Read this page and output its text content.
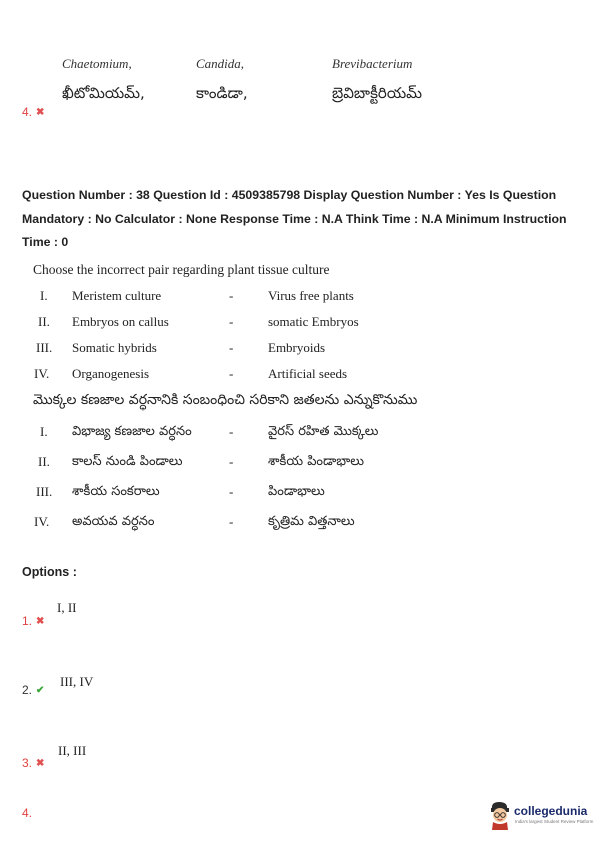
Chaetomium,	Candida,	Brevibacterium
ఖీటోమియమ్,	కాండిడా,	బ్రెవిబాక్టీరియమ్
4. ✖
Question Number : 38 Question Id : 4509385798 Display Question Number : Yes Is Question Mandatory : No Calculator : None Response Time : N.A Think Time : N.A Minimum Instruction Time : 0
Choose the incorrect pair regarding plant tissue culture
I. Meristem culture	-	Virus free plants
II. Embryos on callus	-	somatic Embryos
III. Somatic hybrids	-	Embryoids
IV. Organogenesis	-	Artificial seeds
మొక్కల కణజాల వర్ధనానికి సంబంధించి సరికాని జతలను ఎన్నుకొనుము
I. విభాజ్య కణజాల వర్ధనం	-	వైరస్ రహిత మొక్కలు
II. కాలస్ నుండి పిండాలు	-	శాకీయ పిండాభాలు
III. శాకీయ సంకరాలు	-	పిండాభాలు
IV. అవయవ వర్ధనం	-	కృత్రిమ విత్తనాలు
Options :
I, II
1. ✖
III, IV
2. ✔
II, III
3. ✖
4.	collegedunia
India's largest Student Review Platform
